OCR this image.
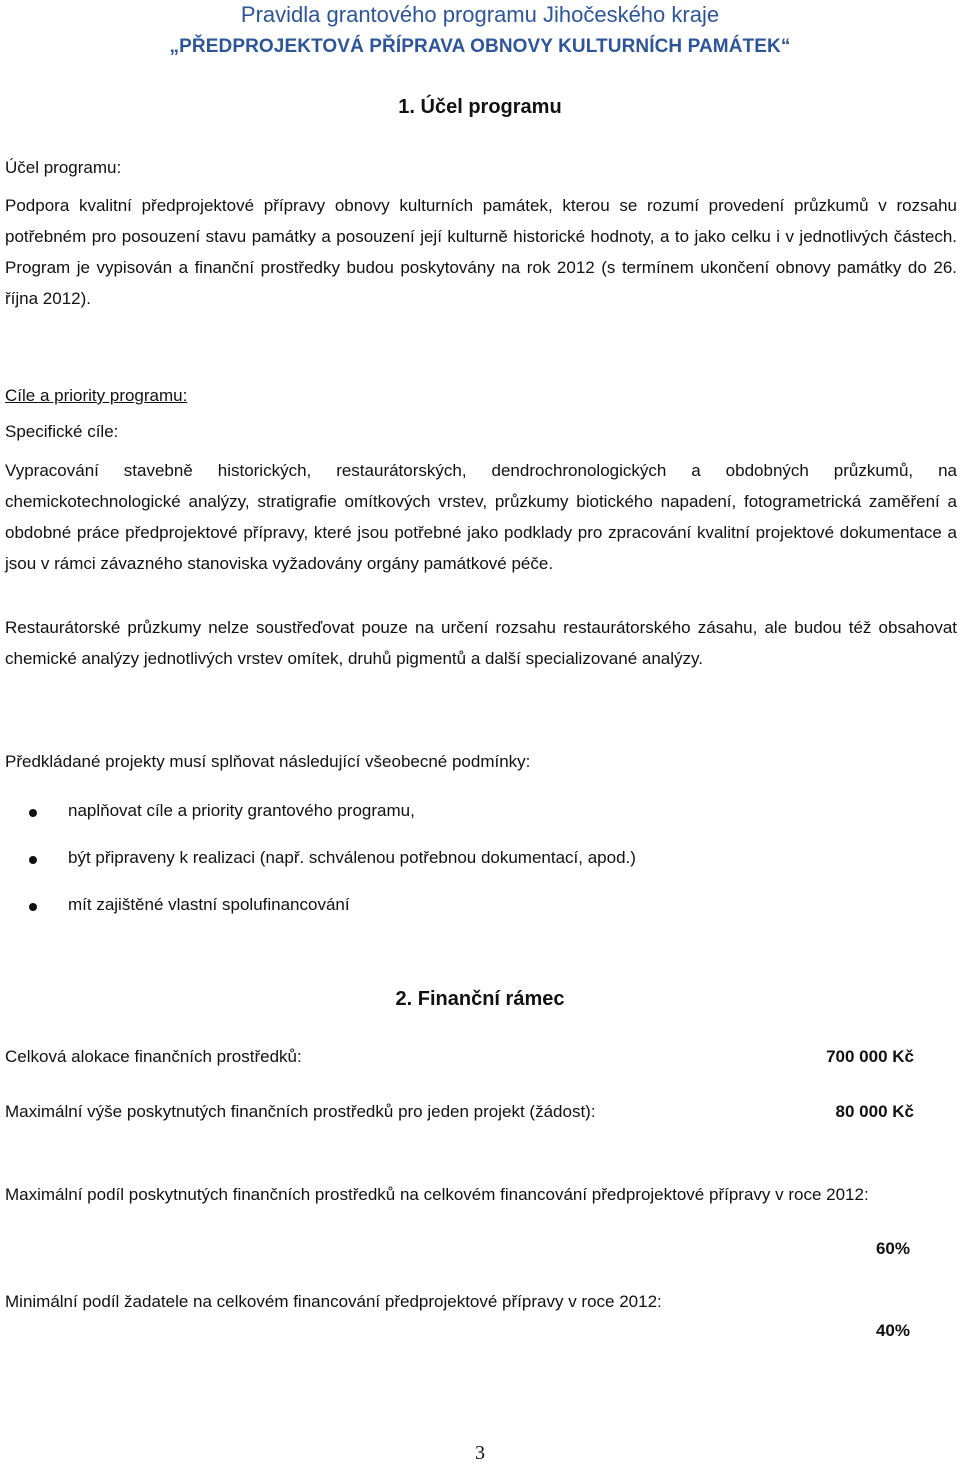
Pravidla grantového programu Jihočeského kraje
„PŘEDPROJEKTOVÁ PŘÍPRAVA OBNOVY KULTURNÍCH PAMÁTEK“
1. Účel programu
Účel programu:
Podpora kvalitní předprojektové přípravy obnovy kulturních památek, kterou se rozumí provedení průzkumů v rozsahu potřebném pro posouzení stavu památky a posouzení její kulturně historické hodnoty, a to jako celku i v jednotlivých částech. Program je vypisován a finanční prostředky budou poskytovány na rok 2012 (s termínem ukončení obnovy památky do 26. října 2012).
Cíle a priority programu:
Specifické cíle:
Vypracování stavebně historických, restaurátorských, dendrochronologických a obdobných průzkumů, na chemickotechnologické analýzy, stratigrafie omítkových vrstev, průzkumy biotického napadení, fotogrametrická zaměření a obdobné práce předprojektové přípravy, které jsou potřebné jako podklady pro zpracování kvalitní projektové dokumentace a jsou v rámci závazného stanoviska vyžadovány orgány památkové péče.
Restaurátorské průzkumy nelze soustřeďovat pouze na určení rozsahu restaurátorského zásahu, ale budou též obsahovat chemické analýzy jednotlivých vrstev omítek, druhů pigmentů a další specializované analýzy.
Předkládané projekty musí splňovat následující všeobecné podmínky:
naplňovat cíle a priority grantového programu,
být připraveny k realizaci (např. schválenou potřebnou dokumentací, apod.)
mít zajištěné vlastní spolufinancování
2. Finanční rámec
Celková alokace finančních prostředků:	700 000 Kč
Maximální výše poskytnutých finančních prostředků pro jeden projekt (žádost):	80 000 Kč
Maximální podíl poskytnutých finančních prostředků na celkovém financování předprojektové přípravy v roce 2012:
60%
Minimální podíl žadatele na celkovém financování předprojektové přípravy v roce 2012:
40%
3
